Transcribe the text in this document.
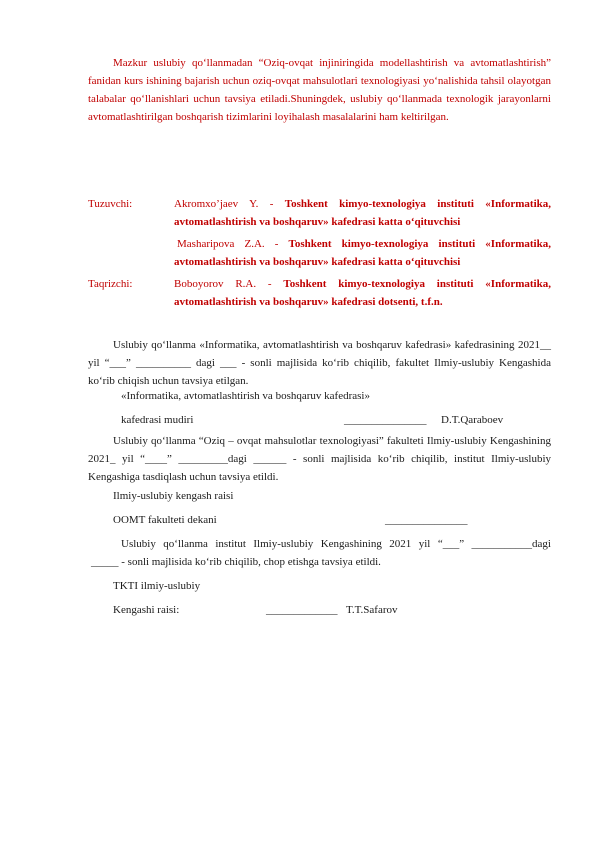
Mazkur uslubiy qo‘llanmadan “Oziq-ovqat injiniringida modellashtirish va avtomatlashtirish” fanidan kurs ishining bajarish uchun oziq-ovqat mahsulotlari texnologiyasi yo‘nalishida tahsil olayotgan talabalar qo‘llanishlari uchun tavsiya etiladi.Shuningdek, uslubiy qo‘llanmada texnologik jarayonlarni avtomatlashtirilgan boshqarish tizimlarini loyihalash masalalarini ham keltirilgan.

Tuzuvchi:	Akromxo’jaev Y. - Toshkent kimyo-texnologiya instituti «Informatika, avtomatlashtirish va boshqaruv» kafedrasi katta o‘qituvchisi
Masharipova Z.A. - Toshkent kimyo-texnologiya instituti «Informatika, avtomatlashtirish va boshqaruv» kafedrasi katta o‘qituvchisi
Taqrizchi:	Boboyorov R.A. - Toshkent kimyo-texnologiya instituti «Informatika, avtomatlashtirish va boshqaruv» kafedrasi dotsenti, t.f.n.

Uslubiy qo‘llanma «Informatika, avtomatlashtirish va boshqaruv kafedrasi» kafedrasining 2021__ yil “___” __________ dagi ___ - sonli majlisida ko‘rib chiqilib, fakultet Ilmiy-uslubiy Kengashida ko‘rib chiqish uchun tavsiya etilgan.

«Informatika, avtomatlashtirish va boshqaruv kafedrasi»
kafedrasi mudiri	_______________ D.T.Qaraboev

Uslubiy qo‘llanma “Oziq – ovqat mahsulotlar texnologiyasi” fakulteti Ilmiy-uslubiy Kengashining 2021_ yil “____” _________dagi ______ - sonli majlisida ko‘rib chiqilib, institut Ilmiy-uslubiy Kengashiga tasdiqlash uchun tavsiya etildi.

Ilmiy-uslubiy kengash raisi
OOMT fakulteti dekani	_______________
Uslubiy qo‘llanma institut Ilmiy-uslubiy Kengashining 2021 yil “___” ___________dagi
_____ - sonli majlisida ko‘rib chiqilib, chop etishga tavsiya etildi.
TKTI ilmiy-uslubiy
Kengashi raisi:	_____________ T.T.Safarov
